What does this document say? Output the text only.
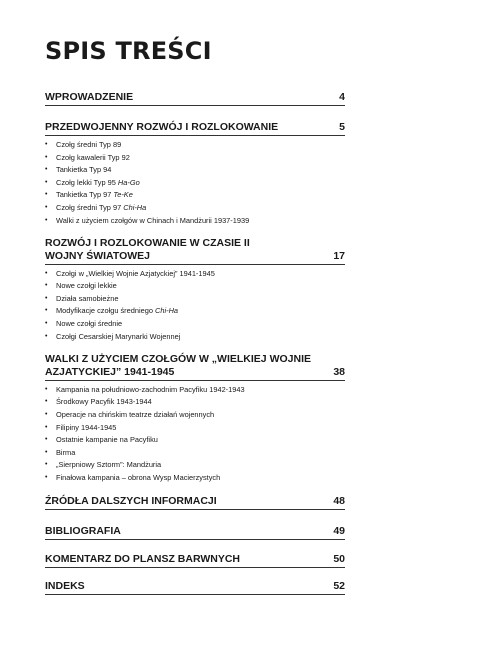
SPIS TREŚCI
WPROWADZENIE	4
PRZEDWOJENNY ROZWÓJ I ROZLOKOWANIE	5
• Czołg średni Typ 89
• Czołg kawalerii Typ 92
• Tankietka Typ 94
• Czołg lekki Typ 95 Ha-Go
• Tankietka Typ 97 Te-Ke
• Czołg średni Typ 97 Chi-Ha
• Walki z użyciem czołgów w Chinach i Mandżurii 1937-1939
ROZWÓJ I ROZLOKOWANIE W CZASIE II WOJNY ŚWIATOWEJ	17
• Czołgi w „Wielkiej Wojnie Azjatyckiej” 1941-1945
• Nowe czołgi lekkie
• Działa samobieżne
• Modyfikacje czołgu średniego Chi-Ha
• Nowe czołgi średnie
• Czołgi Cesarskiej Marynarki Wojennej
WALKI Z UŻYCIEM CZOŁGÓW W „WIELKIEJ WOJNIE AZJATYCKIEJ” 1941-1945	38
• Kampania na południowo-zachodnim Pacyfiku 1942-1943
• Środkowy Pacyfik 1943-1944
• Operacje na chińskim teatrze działań wojennych
• Filipiny 1944-1945
• Ostatnie kampanie na Pacyfiku
• Birma
• „Sierpniowy Sztorm”: Mandżuria
• Finałowa kampania – obrona Wysp Macierzystych
ŹRÓDŁA DALSZYCH INFORMACJI	48
BIBLIOGRAFIA	49
KOMENTARZ DO PLANSZ BARWNYCH	50
INDEKS	52
